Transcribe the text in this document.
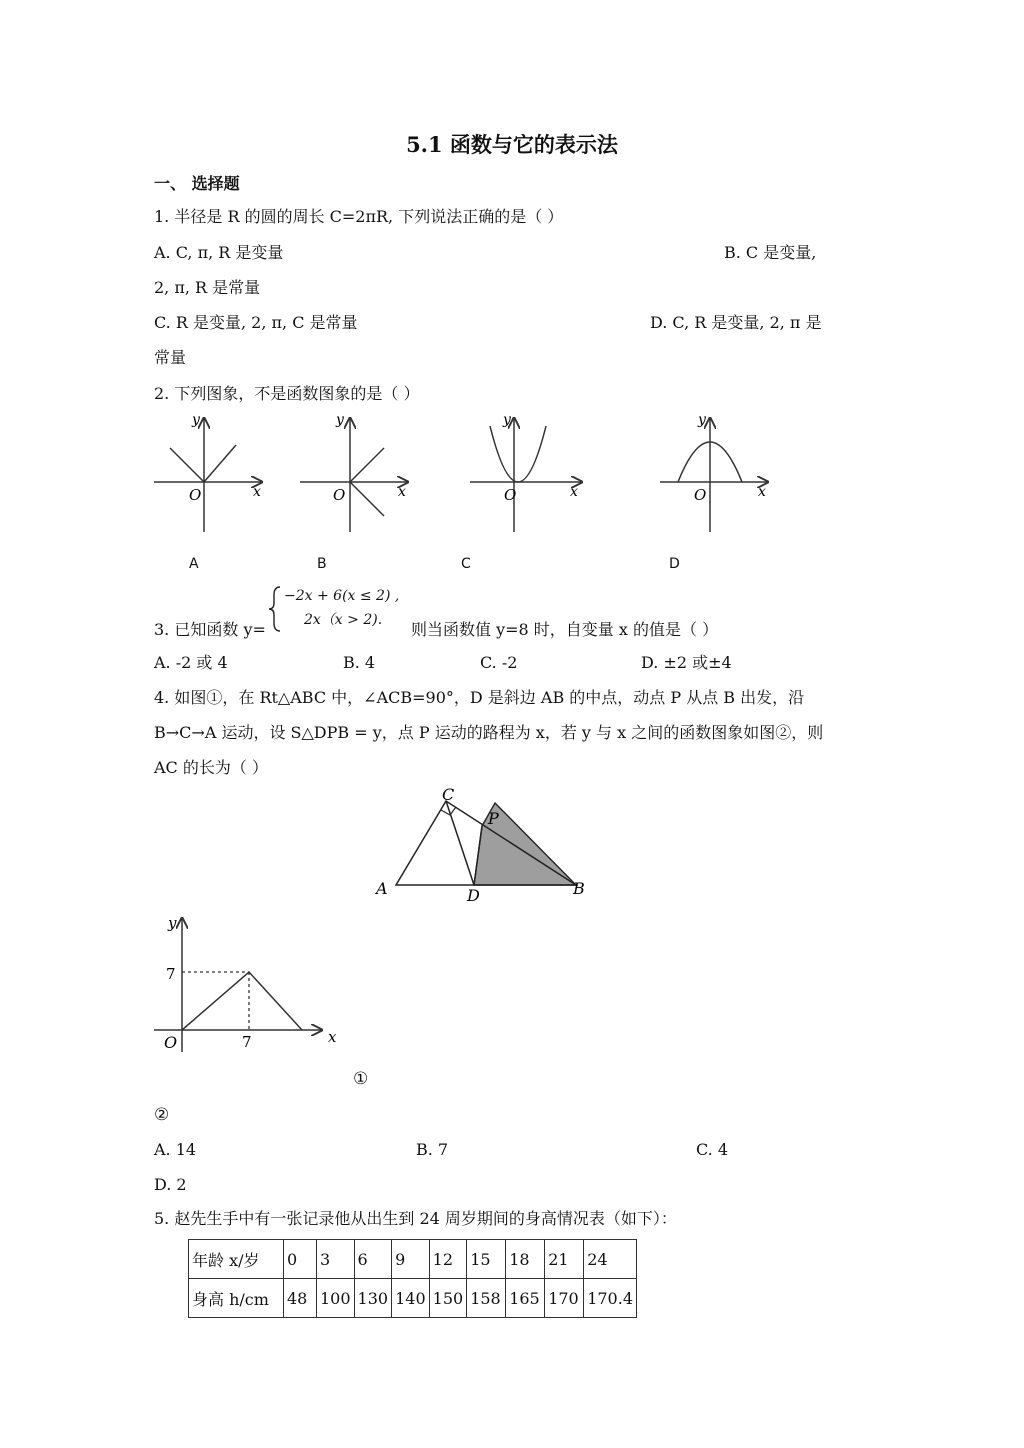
5.1 函数与它的表示法
一、 选择题
1. 半径是 R 的圆的周长 C=2πR, 下列说法正确的是（ ）
A. C, π, R 是变量	B. C 是变量,
2, π, R 是常量
C. R 是变量, 2, π, C 是常量	D. C, R 是变量, 2, π 是
常量
2. 下列图象，不是函数图象的是（ ）
y
x
O
y
x
O
y
x
O
y
x
O
A	B	C	D
3. 已知函数 y=
−2x + 6(x ≤ 2) ,
2x（x > 2). 则当函数值 y=8 时，自变量 x 的值是（ ）
A. -2 或 4	B. 4	C. -2	D. ±2 或±4
4. 如图①，在 Rt△ABC 中，∠ACB=90°，D 是斜边 AB 的中点，动点 P 从点 B 出发，沿
B→C→A 运动，设 S△DPB = y，点 P 运动的路程为 x，若 y 与 x 之间的函数图象如图②，则
AC 的长为（ ）
C
P
A	D	B
y
x
O
7
7
①
②
A. 14	B. 7	C. 4
D. 2
5. 赵先生手中有一张记录他从出生到 24 周岁期间的身高情况表（如下）：
年龄 x/岁	0	3	6	9	12	15	18	21	24
身高 h/cm	48	100	130	140	150	158	165	170	170.4
